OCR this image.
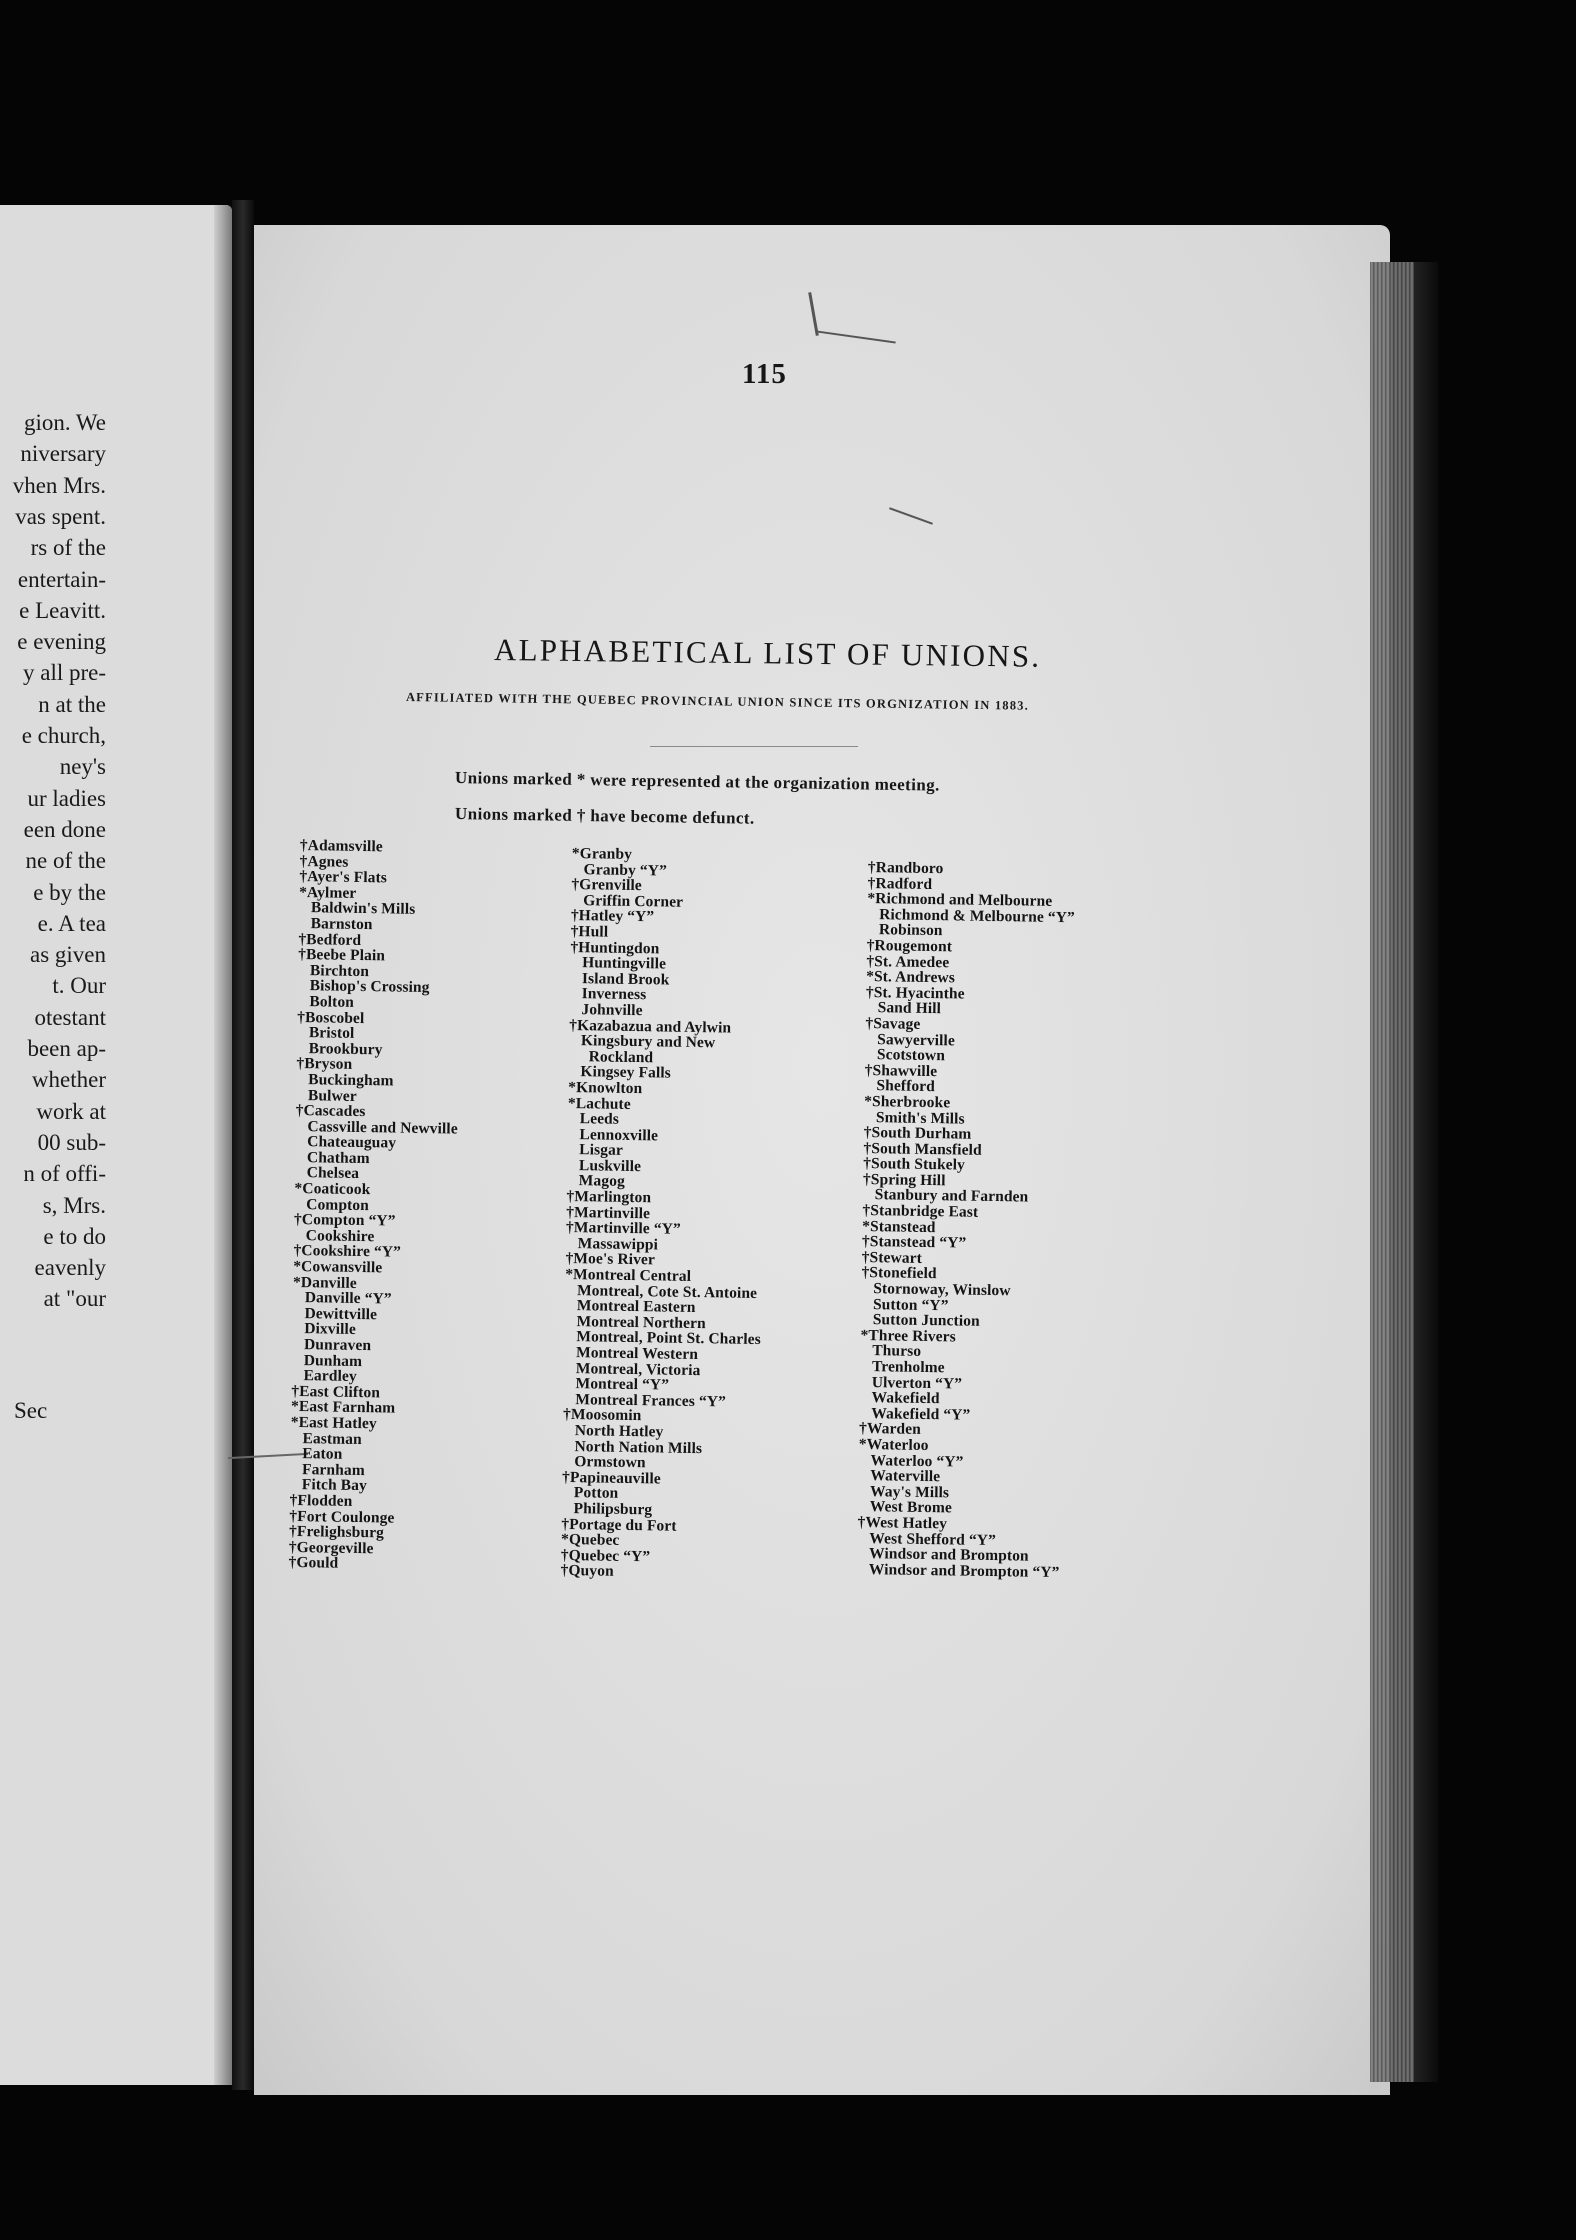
gion. We
niversary
vhen Mrs.
vas spent.
rs of the
entertain-
e Leavitt.
e evening
y all pre-
n at the
e church,
ney's
ur ladies
een done
ne of the
e by the
e. A tea
as given
t. Our
otestant
been ap-
whether
work at
00 sub-
n of offi-
s, Mrs.
e to do
eavenly
at "our
Sec
115
ALPHABETICAL LIST OF UNIONS.
AFFILIATED WITH THE QUEBEC PROVINCIAL UNION SINCE ITS ORGNIZATION IN 1883.
Unions marked * were represented at the organization meeting.
Unions marked † have become defunct.
†Adamsville
†Agnes
†Ayer's Flats
*Aylmer
Baldwin's Mills
Barnston
†Bedford
†Beebe Plain
Birchton
Bishop's Crossing
Bolton
†Boscobel
Bristol
Brookbury
†Bryson
Buckingham
Bulwer
†Cascades
Cassville and Newville
Chateauguay
Chatham
Chelsea
*Coaticook
Compton
†Compton “Y”
Cookshire
†Cookshire “Y”
*Cowansville
*Danville
Danville “Y”
Dewittville
Dixville
Dunraven
Dunham
Eardley
†East Clifton
*East Farnham
*East Hatley
Eastman
Eaton
Farnham
Fitch Bay
†Flodden
†Fort Coulonge
†Frelighsburg
†Georgeville
†Gould
*Granby
Granby “Y”
†Grenville
Griffin Corner
†Hatley “Y”
†Hull
†Huntingdon
Huntingville
Island Brook
Inverness
Johnville
†Kazabazua and Aylwin
Kingsbury and New
Rockland
Kingsey Falls
*Knowlton
*Lachute
Leeds
Lennoxville
Lisgar
Luskville
Magog
†Marlington
†Martinville
†Martinville “Y”
Massawippi
†Moe's River
*Montreal Central
Montreal, Cote St. Antoine
Montreal Eastern
Montreal Northern
Montreal, Point St. Charles
Montreal Western
Montreal, Victoria
Montreal “Y”
Montreal Frances “Y”
†Moosomin
North Hatley
North Nation Mills
Ormstown
†Papineauville
Potton
Philipsburg
†Portage du Fort
*Quebec
†Quebec “Y”
†Quyon
†Randboro
†Radford
*Richmond and Melbourne
Richmond & Melbourne “Y”
Robinson
†Rougemont
†St. Amedee
*St. Andrews
†St. Hyacinthe
Sand Hill
†Savage
Sawyerville
Scotstown
†Shawville
Shefford
*Sherbrooke
Smith's Mills
†South Durham
†South Mansfield
†South Stukely
†Spring Hill
Stanbury and Farnden
†Stanbridge East
*Stanstead
†Stanstead “Y”
†Stewart
†Stonefield
Stornoway, Winslow
Sutton “Y”
Sutton Junction
*Three Rivers
Thurso
Trenholme
Ulverton “Y”
Wakefield
Wakefield “Y”
†Warden
*Waterloo
Waterloo “Y”
Waterville
Way's Mills
West Brome
†West Hatley
West Shefford “Y”
Windsor and Brompton
Windsor and Brompton “Y”
